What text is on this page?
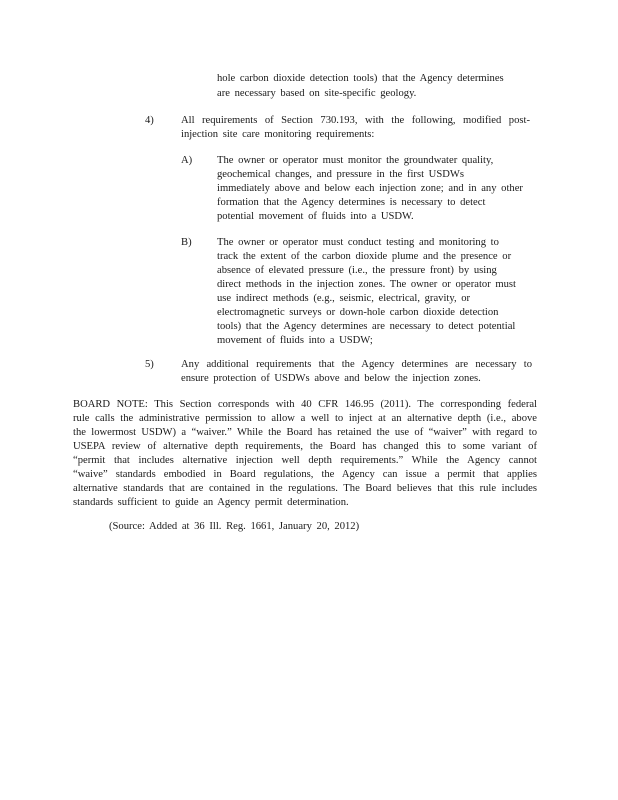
hole carbon dioxide detection tools) that the Agency determines
are necessary based on site-specific geology.
4)	All requirements of Section 730.193, with the following, modified post-
injection site care monitoring requirements:
A) The owner or operator must monitor the groundwater quality,
geochemical changes, and pressure in the first USDWs
immediately above and below each injection zone; and in any other
formation that the Agency determines is necessary to detect
potential movement of fluids into a USDW.
B) The owner or operator must conduct testing and monitoring to
track the extent of the carbon dioxide plume and the presence or
absence of elevated pressure (i.e., the pressure front) by using
direct methods in the injection zones. The owner or operator must
use indirect methods (e.g., seismic, electrical, gravity, or
electromagnetic surveys or down-hole carbon dioxide detection
tools) that the Agency determines are necessary to detect potential
movement of fluids into a USDW;
5)	Any additional requirements that the Agency determines are necessary to
ensure protection of USDWs above and below the injection zones.
BOARD NOTE: This Section corresponds with 40 CFR 146.95 (2011). The corresponding federal
rule calls the administrative permission to allow a well to inject at an alternative depth (i.e., above
the lowermost USDW) a “waiver.” While the Board has retained the use of “waiver” with regard to
USEPA review of alternative depth requirements, the Board has changed this to some variant of
“permit that includes alternative injection well depth requirements.” While the Agency cannot
“waive” standards embodied in Board regulations, the Agency can issue a permit that applies
alternative standards that are contained in the regulations. The Board believes that this rule includes
standards sufficient to guide an Agency permit determination.
(Source: Added at 36 Ill. Reg. 1661, January 20, 2012)
